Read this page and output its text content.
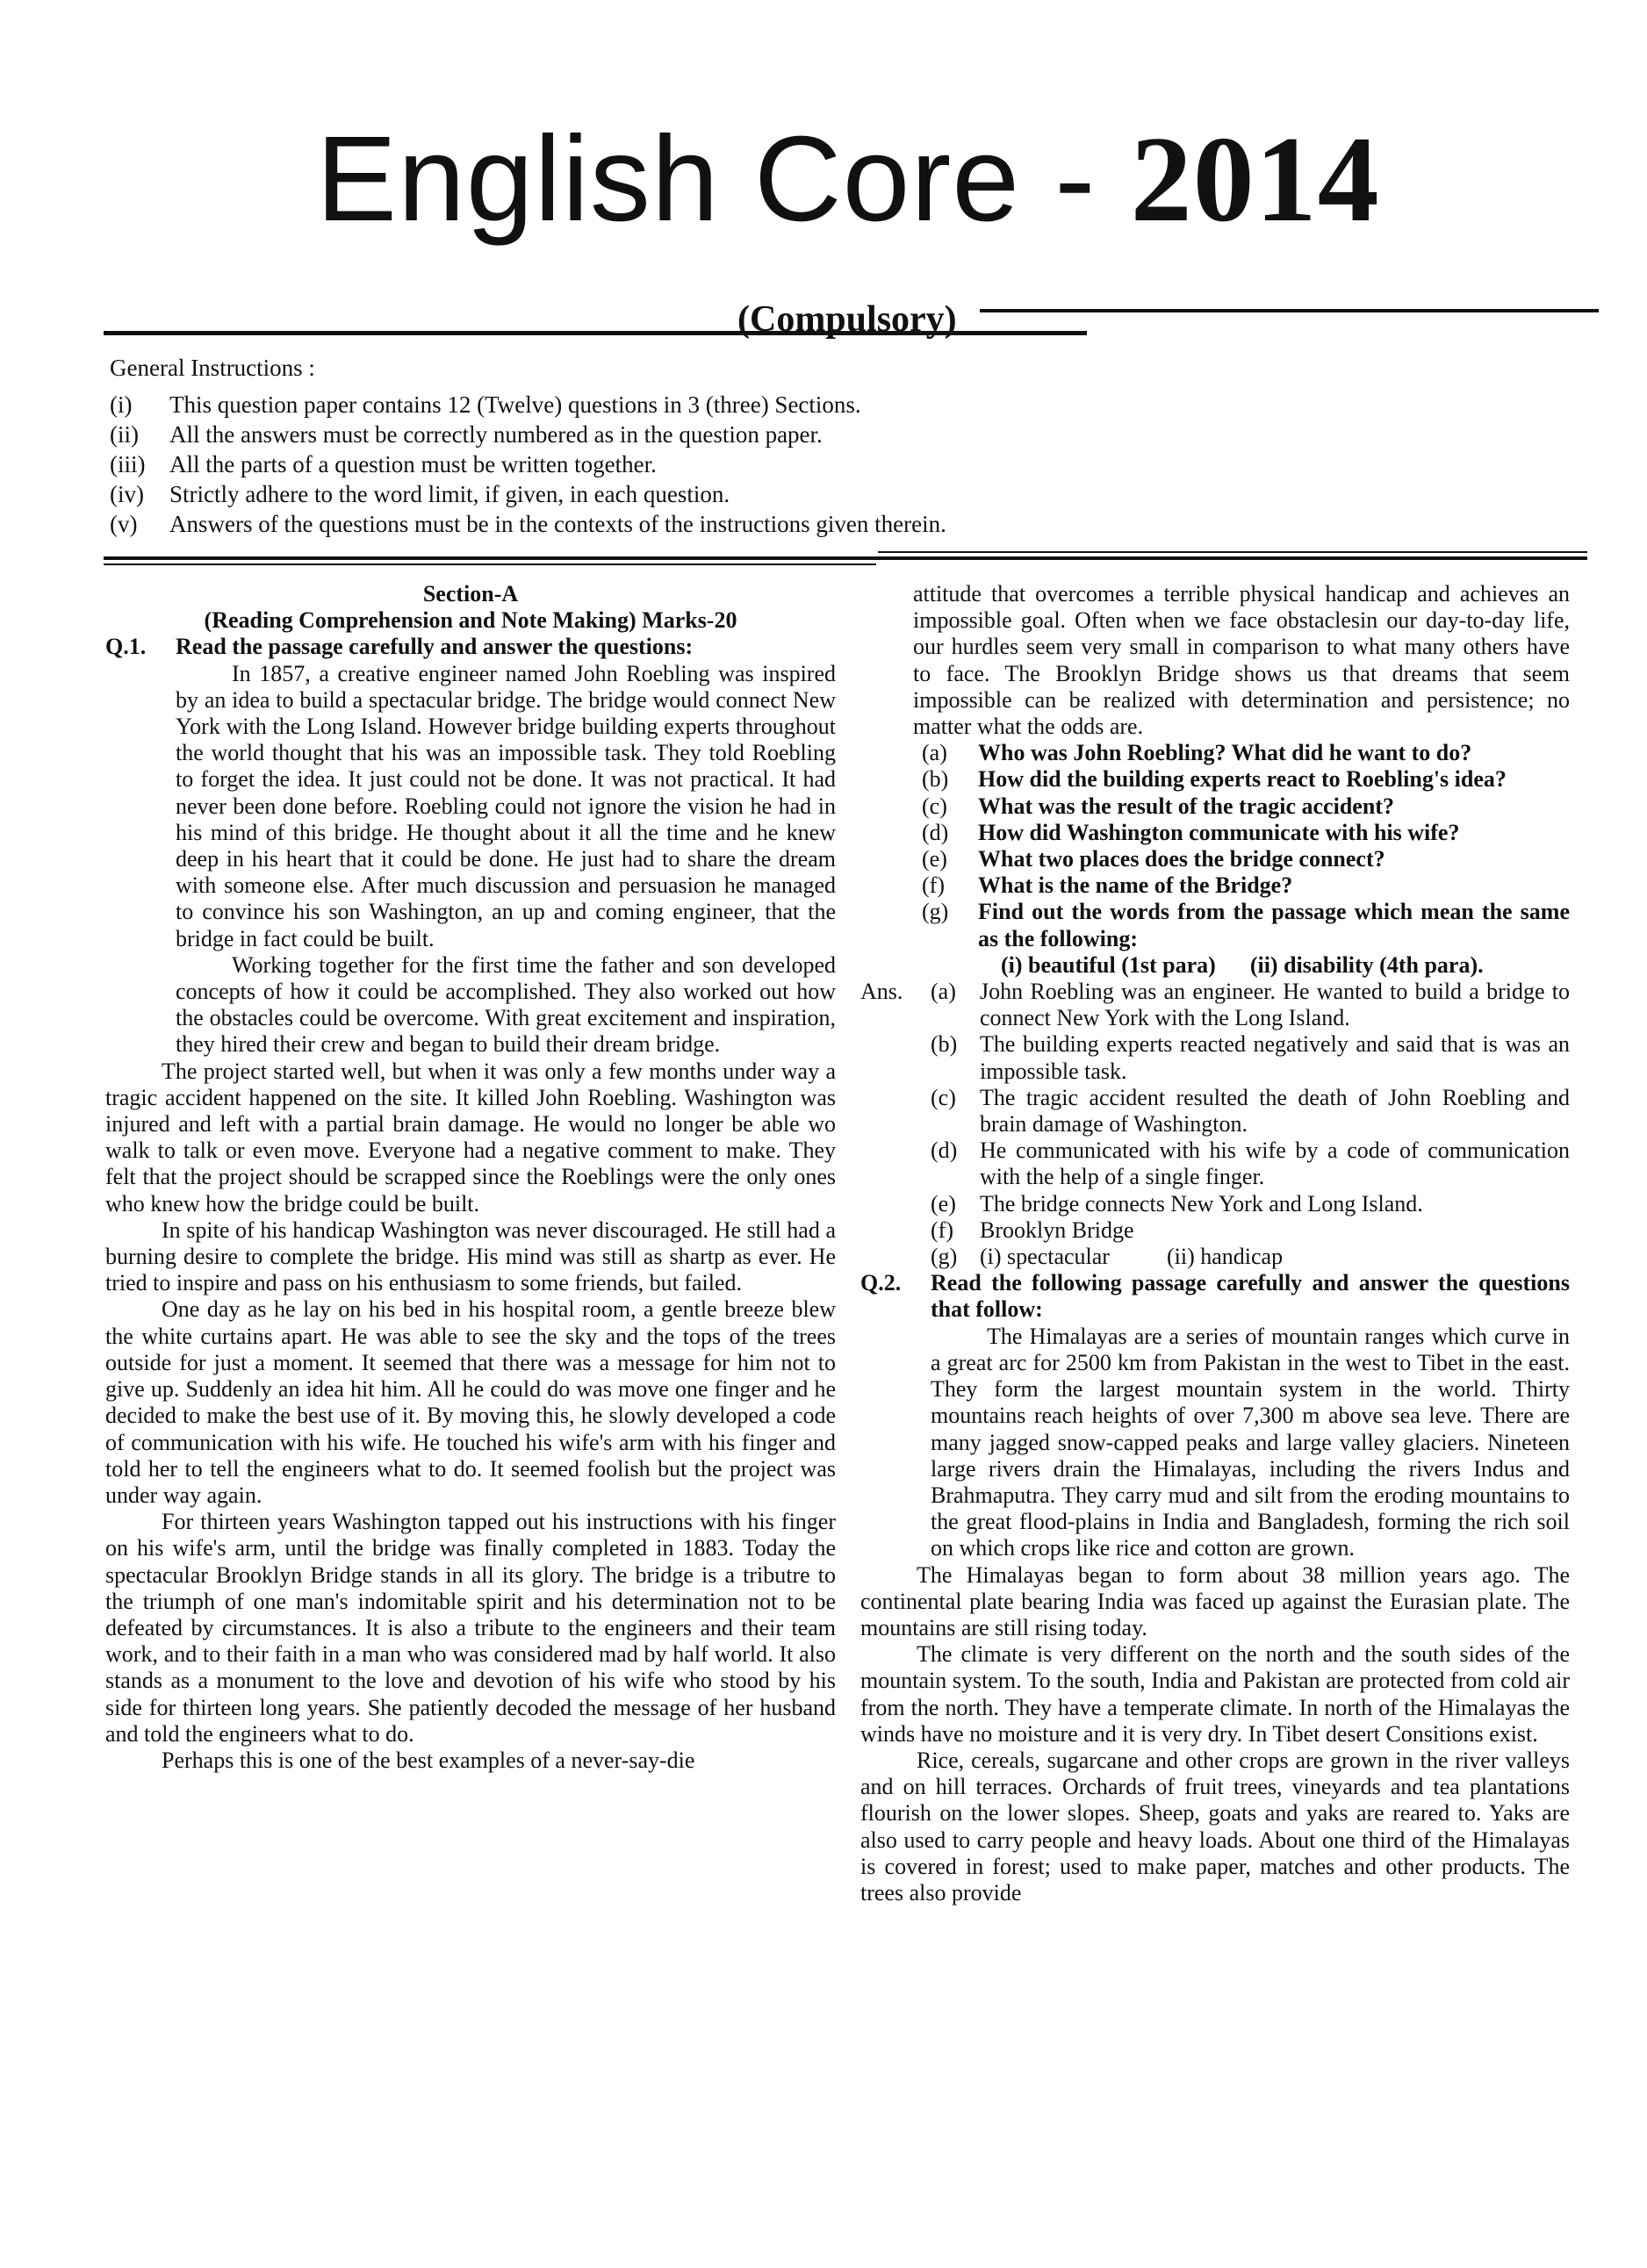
English Core - 2014
(Compulsory)
General Instructions :
(i)	This question paper contains 12 (Twelve) questions in 3 (three) Sections.
(ii)	All the answers must be correctly numbered as in the question paper.
(iii)	All the parts of a question must be written together.
(iv)	Strictly adhere to the word limit, if given, in each question.
(v)	Answers of the questions must be in the contexts of the instructions given therein.

Section-A

(Reading Comprehension and Note Making) Marks-20

Q.1.	Read the passage carefully and answer the questions:

In 1857, a creative engineer named John Roebling was inspired by an idea to build a spectacular bridge. The bridge would connect New York with the Long Island. However bridge building experts throughout the world thought that his was an impossible task. They told Roebling to forget the idea. It just could not be done. It was not practical. It had never been done before. Roebling could not ignore the vision he had in his mind of this bridge. He thought about it all the time and he knew deep in his heart that it could be done. He just had to share the dream with someone else. After much discussion and persuasion he managed to convince his son Washington, an up and coming engineer, that the bridge in fact could be built.

Working together for the first time the father and son developed concepts of how it could be accomplished. They also worked out how the obstacles could be overcome. With great excitement and inspiration, they hired their crew and began to build their dream bridge.

The project started well, but when it was only a few months under way a tragic accident happened on the site. It killed John Roebling. Washington was injured and left with a partial brain damage. He would no longer be able wo walk to talk or even move. Everyone had a negative comment to make. They felt that the project should be scrapped since the Roeblings were the only ones who knew how the bridge could be built.

In spite of his handicap Washington was never discouraged. He still had a burning desire to complete the bridge. His mind was still as shartp as ever. He tried to inspire and pass on his enthusiasm to some friends, but failed.

One day as he lay on his bed in his hospital room, a gentle breeze blew the white curtains apart. He was able to see the sky and the tops of the trees outside for just a moment. It seemed that there was a message for him not to give up. Suddenly an idea hit him. All he could do was move one finger and he decided to make the best use of it. By moving this, he slowly developed a code of communication with his wife. He touched his wife's arm with his finger and told her to tell the engineers what to do. It seemed foolish but the project was under way again.

For thirteen years Washington tapped out his instructions with his finger on his wife's arm, until the bridge was finally completed in 1883. Today the spectacular Brooklyn Bridge stands in all its glory. The bridge is a tributre to the triumph of one man's indomitable spirit and his determination not to be defeated by circumstances. It is also a tribute to the engineers and their team work, and to their faith in a man who was considered mad by half world. It also stands as a monument to the love and devotion of his wife who stood by his side for thirteen long years. She patiently decoded the message of her husband and told the engineers what to do.

Perhaps this is one of the best examples of a never-say-die

attitude that overcomes a terrible physical handicap and achieves an impossible goal. Often when we face obstaclesin our day-to-day life, our hurdles seem very small in comparison to what many others have to face. The Brooklyn Bridge shows us that dreams that seem impossible can be realized with determination and persistence; no matter what the odds are.

(a)	Who was John Roebling? What did he want to do?
(b)	How did the building experts react to Roebling's idea?
(c)	What was the result of the tragic accident?
(d)	How did Washington communicate with his wife?
(e)	What two places does the bridge connect?
(f)	What is the name of the Bridge?
(g)	Find out the words from the passage which mean the same as the following:
(i) beautiful (1st para)      (ii) disability (4th para).
Ans.	(a)	John Roebling was an engineer. He wanted to build a bridge to connect New York with the Long Island.
(b) The building experts reacted negatively and said that is was an impossible task.
(c)	The tragic accident resulted the death of John Roebling and brain damage of Washington.
(d) He communicated with his wife by a code of communication with the help of a single finger.
(e)	The bridge connects New York and Long Island.
(f)	Brooklyn Bridge
(g) (i) spectacular          (ii) handicap
Q.2.	Read the following passage carefully and answer the questions that follow:

The Himalayas are a series of mountain ranges which curve in a great arc for 2500 km from Pakistan in the west to Tibet in the east. They form the largest mountain system in the world. Thirty mountains reach heights of over 7,300 m above sea leve. There are many jagged snow-capped peaks and large valley glaciers. Nineteen large rivers drain the Himalayas, including the rivers Indus and Brahmaputra. They carry mud and silt from the eroding mountains to the great flood-plains in India and Bangladesh, forming the rich soil on which crops like rice and cotton are grown.

The Himalayas began to form about 38 million years ago. The continental plate bearing India was faced up against the Eurasian plate. The mountains are still rising today.

The climate is very different on the north and the south sides of the mountain system. To the south, India and Pakistan are protected from cold air from the north. They have a temperate climate. In north of the Himalayas the winds have no moisture and it is very dry. In Tibet desert Consitions exist.

Rice, cereals, sugarcane and other crops are grown in the river valleys and on hill terraces. Orchards of fruit trees, vineyards and tea plantations flourish on the lower slopes. Sheep, goats and yaks are reared to. Yaks are also used to carry people and heavy loads. About one third of the Himalayas is covered in forest; used to make paper, matches and other products. The trees also provide
